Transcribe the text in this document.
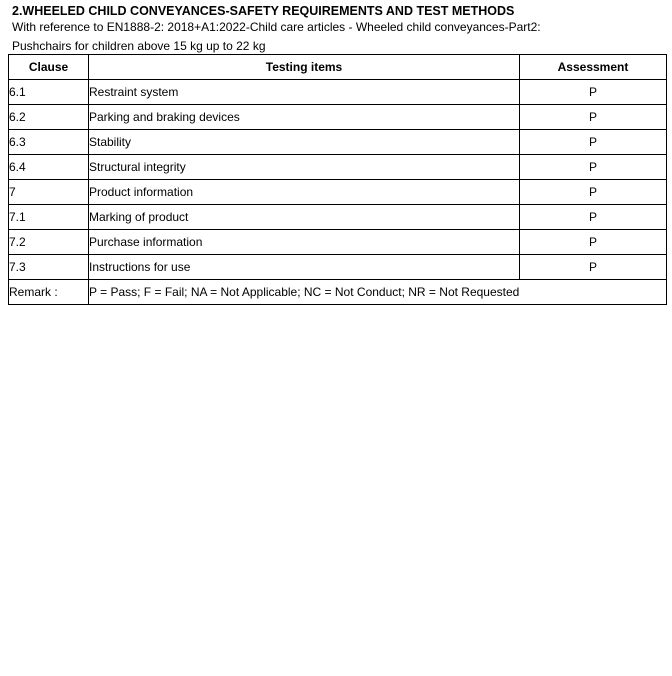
2.WHEELED CHILD CONVEYANCES-SAFETY REQUIREMENTS AND TEST METHODS
With reference to EN1888-2: 2018+A1:2022-Child care articles - Wheeled child conveyances-Part2:
Pushchairs for children above 15 kg up to 22 kg
Clause	Testing items	Assessment
6.1	Restraint system	P
6.2	Parking and braking devices	P
6.3	Stability	P
6.4	Structural integrity	P
7	Product information	P
7.1	Marking of product	P
7.2	Purchase information	P
7.3	Instructions for use	P
Remark :	P = Pass; F = Fail; NA = Not Applicable; NC = Not Conduct; NR = Not Requested	
